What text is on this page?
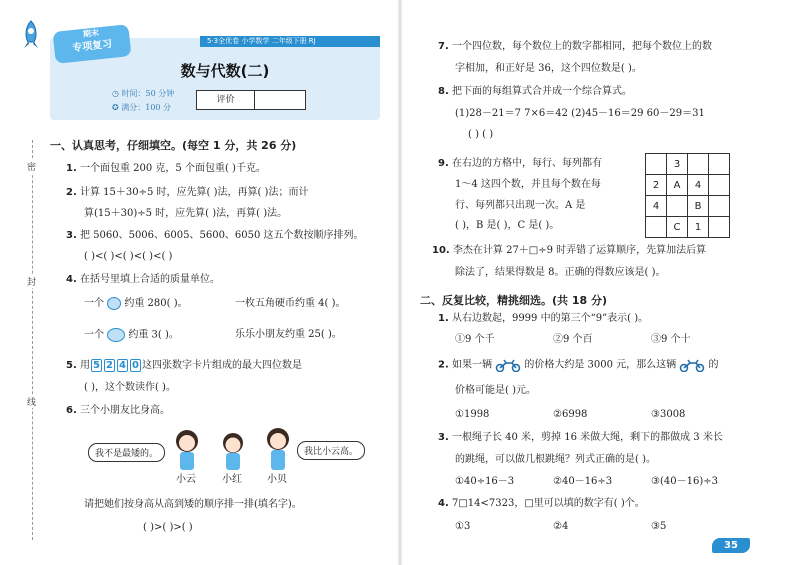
5·3全优卷 小学数学 二年级下册 RJ
期末
专项复习
数与代数(二)
◷ 时间：50 分钟
✪ 满分：100 分
评价
密
封
线
一、认真思考，仔细填空。(每空 1 分，共 26 分)
1. 一个面包重 200 克，5 个面包重( )千克。
2. 计算 15＋30÷5 时，应先算( )法，再算( )法；而计
算(15＋30)÷5 时，应先算( )法，再算( )法。
3. 把 5060、5006、6005、5600、6050 这五个数按顺序排列。
( )<( )<( )<( )<( )
4. 在括号里填上合适的质量单位。
一个 约重 280( )。	一枚五角硬币约重 4( )。
一个 约重 3( )。	乐乐小朋友约重 25( )。
5. 用 5 2 4 0 这四张数字卡片组成的最大四位数是
( )，这个数读作( )。
6. 三个小朋友比身高。
我不是最矮的。	我比小云高。
小云	小红	小贝
请把她们按身高从高到矮的顺序排一排(填名字)。
( )>( )>( )
7. 一个四位数，每个数位上的数字都相同，把每个数位上的数
字相加，和正好是 36，这个四位数是( )。
8. 把下面的每组算式合并成一个综合算式。
(1)28－21＝7 7×6＝42 (2)45－16＝29 60－29＝31
( ) ( )
9. 在右边的方格中，每行、每列都有
1～4 这四个数，并且每个数在每
行、每列都只出现一次。A 是
( )，B 是( )，C 是( )。
	3		
2	A	4	
4		B	
	C	1	
10. 李杰在计算 27＋□÷9 时弄错了运算顺序，先算加法后算
除法了，结果得数是 8。正确的得数应该是( )。
二、反复比较，精挑细选。(共 18 分)
1. 从右边数起，9999 中的第三个“9”表示( )。
①9 个千	②9 个百	③9 个十
2. 如果一辆	的价格大约是 3000 元，那么这辆	的
价格可能是( )元。
①1998	②6998	③3008
3. 一根绳子长 40 米，剪掉 16 米做大绳，剩下的都做成 3 米长
的跳绳，可以做几根跳绳？列式正确的是( )。
①40÷16－3	②40－16÷3	③(40－16)÷3
4. 7□14<7323，□里可以填的数字有( )个。
①3	②4	③5
35
